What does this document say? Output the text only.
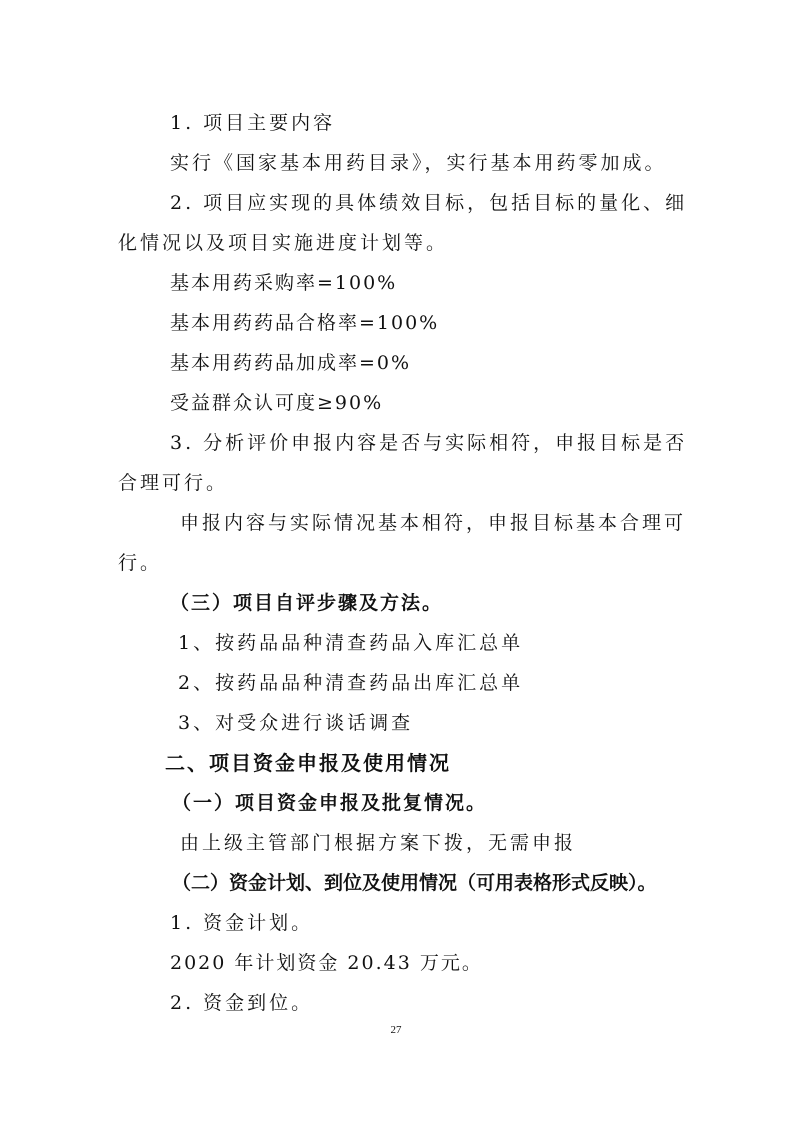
1. 项目主要内容
实行《国家基本用药目录》，实行基本用药零加成。
2. 项目应实现的具体绩效目标，包括目标的量化、细
化情况以及项目实施进度计划等。
基本用药采购率=100%
基本用药药品合格率=100%
基本用药药品加成率=0%
受益群众认可度≥90%
3. 分析评价申报内容是否与实际相符，申报目标是否
合理可行。
申报内容与实际情况基本相符，申报目标基本合理可
行。
（三）项目自评步骤及方法。
1、按药品品种清查药品入库汇总单
2、按药品品种清查药品出库汇总单
3、对受众进行谈话调查
二、项目资金申报及使用情况
（一）项目资金申报及批复情况。
由上级主管部门根据方案下拨，无需申报
（二）资金计划、到位及使用情况（可用表格形式反映）。
1. 资金计划。
2020 年计划资金 20.43 万元。
2. 资金到位。
27
